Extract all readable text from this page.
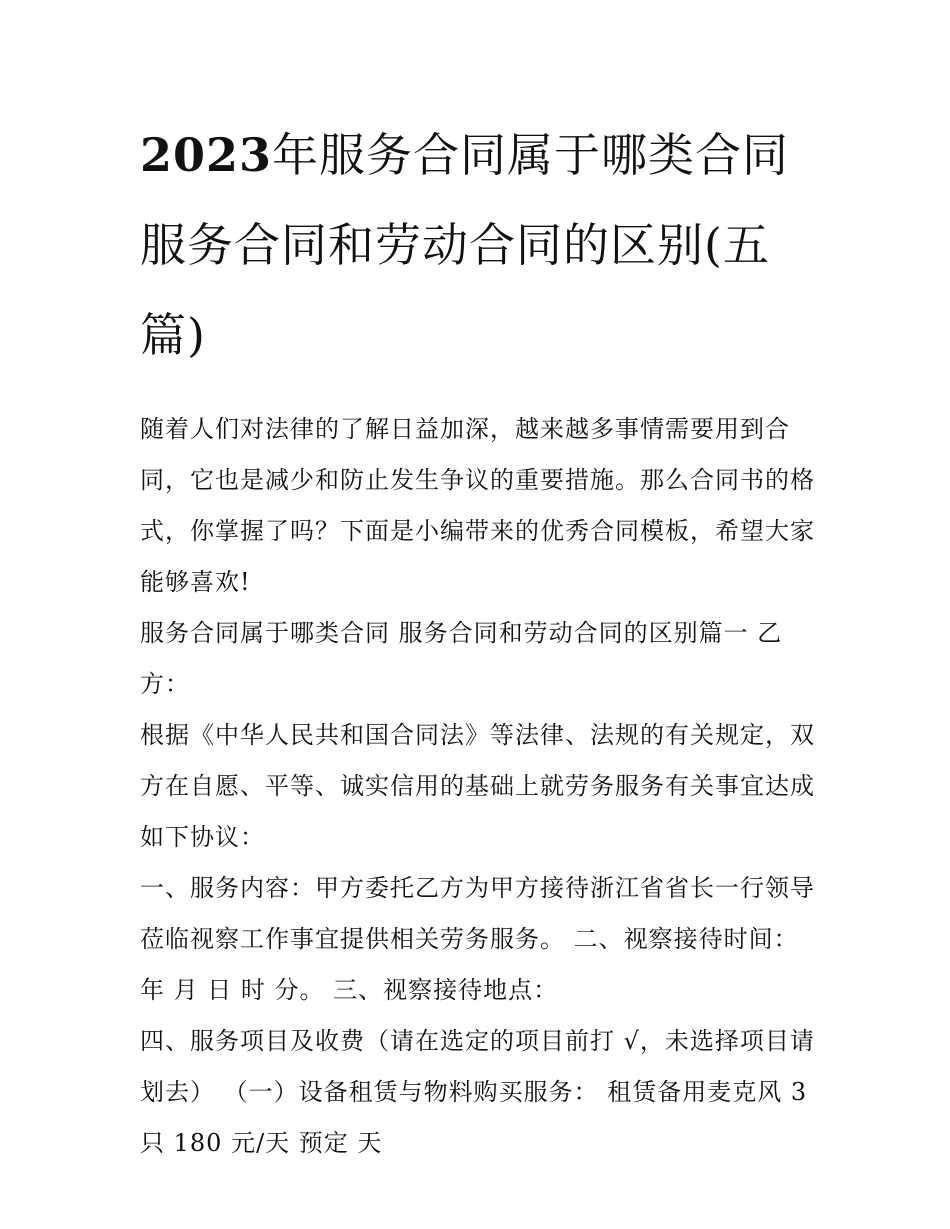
2023年服务合同属于哪类合同 服务合同和劳动合同的区别(五篇)

随着人们对法律的了解日益加深，越来越多事情需要用到合同，它也是减少和防止发生争议的重要措施。那么合同书的格式，你掌握了吗？下面是小编带来的优秀合同模板，希望大家能够喜欢!

服务合同属于哪类合同 服务合同和劳动合同的区别篇一 乙方：

根据《中华人民共和国合同法》等法律、法规的有关规定，双方在自愿、平等、诚实信用的基础上就劳务服务有关事宜达成如下协议：

一、服务内容：甲方委托乙方为甲方接待浙江省省长一行领导莅临视察工作事宜提供相关劳务服务。 二、视察接待时间：年 月 日 时 分。 三、视察接待地点：

四、服务项目及收费（请在选定的项目前打 √，未选择项目请划去） （一）设备租赁与物料购买服务： 租赁备用麦克风 3 只 180 元/天 预定 天
